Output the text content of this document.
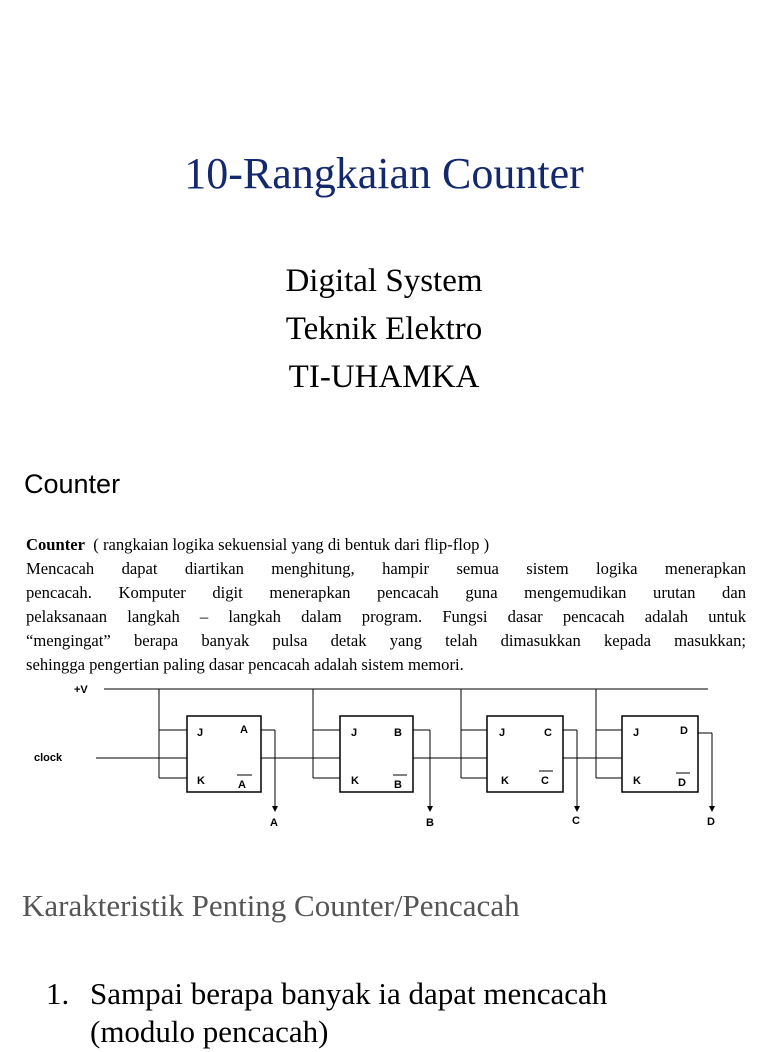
10-Rangkaian Counter
Digital System
Teknik Elektro
TI-UHAMKA
Counter
Counter  ( rangkaian logika sekuensial yang di bentuk dari flip-flop )
Mencacah dapat diartikan menghitung, hampir semua sistem logika menerapkan
pencacah. Komputer digit menerapkan pencacah guna mengemudikan urutan dan
pelaksanaan langkah – langkah dalam program. Fungsi dasar pencacah adalah untuk
“mengingat” berapa banyak pulsa detak yang telah dimasukkan kepada masukkan;
sehingga pengertian paling dasar pencacah adalah sistem memori.
+V
clock
J
K
A
A
A
J
K
B
B
B
J
K
C
C
C
J
K
D
D
D
Karakteristik Penting Counter/Pencacah
1. Sampai berapa banyak ia dapat mencacah
(modulo pencacah)
